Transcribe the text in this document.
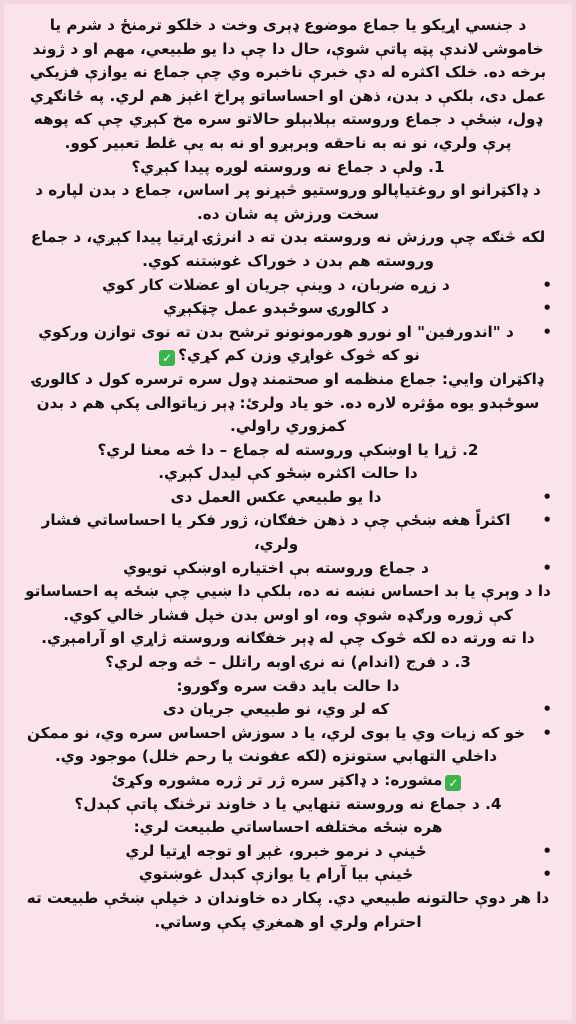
د جنسي اړیکو یا جماع موضوع ډېری وخت د خلکو ترمنځ د شرم یا خاموشۍ لاندې پټه پاتې شوې، حال دا چې دا یو طبیعي، مهم او د ژوند برخه ده. خلک اکثره له دې خبرې ناخبره وي چې جماع نه یوازې فزیکي عمل دی، بلکې د بدن، ذهن او احساساتو پراخ اغېز هم لري. په ځانګړي ډول، ښځې د جماع وروسته بېلابېلو حالاتو سره مخ کېږي چې که پوهه پرې ولري، نو نه به ناحقه وېرېږو او نه به یې غلط تعبیر کوو.

1. ولې د جماع نه وروسته لوږه پیدا کېږي؟

د ډاکټرانو او روغتیاپالو وروستیو څېړنو پر اساس، جماع د بدن لپاره د سخت ورزش په شان ده.

لکه څنګه چې ورزش نه وروسته بدن ته د انرژۍ اړتیا پیدا کېږي، د جماع وروسته هم بدن د خوراک غوښتنه کوي.

• د زړه ضربان، د وینې جریان او عضلات کار کوي
• د کالورۍ سوځېدو عمل چټکېږي
• د "اندورفین" او نورو هورمونونو ترشح بدن ته نوی توازن ورکوي

نو که څوک غواړي وزن کم کړي؟✓

ډاکټران وایي: جماع منظمه او صحتمند ډول سره ترسره کول د کالورۍ سوځېدو یوه مؤثره لاره ده. خو یاد ولرئ: ډېر زیاتوالی پکې هم د بدن کمزوري راولي.

2. ژړا یا اوښکې وروسته له جماع – دا څه معنا لري؟

دا حالت اکثره ښځو کې لیدل کېږي.

• دا یو طبیعي عکس العمل دی
• اکثراً هغه ښځې چې د ذهن خفګان، ژور فکر یا احساساتي فشار ولري،
• د جماع وروسته بې اختیاره اوښکې تویوي

دا د وېرې یا بد احساس نښه نه ده، بلکې دا ښیي چې ښځه په احساساتو کې ژوره ورګډه شوې وه، او اوس بدن خپل فشار خالي کوي.

دا ته ورته ده لکه څوک چې له ډېر خفګانه وروسته ژاړي او آرامېږي.

3. د فرج (اندام) نه نرۍ اوبه راتلل – څه وجه لري؟

دا حالت باید دقت سره وګورو:

• که لږ وي، نو طبیعي جریان دی
• خو که زیات وي یا بوی لري، یا د سوزش احساس سره وي، نو ممکن داخلي التهابي ستونزه (لکه عفونت یا رحم خلل) موجود وي.

✓مشوره: د ډاکټر سره ژر تر ژره مشوره وکړئ

4. د جماع نه وروسته تنهایي یا د خاوند ترڅنګ پاتې کېدل؟

هره ښځه مختلفه احساساتي طبیعت لري:

• ځینې د نرمو خبرو، غېږ او توجه اړتیا لري
• ځینې بیا آرام یا یوازې کېدل غوښتوي

دا هر دوې حالتونه طبیعي دي. پکار ده خاوندان د خپلې ښځې طبیعت ته احترام ولري او همغږي پکې وساتي.
